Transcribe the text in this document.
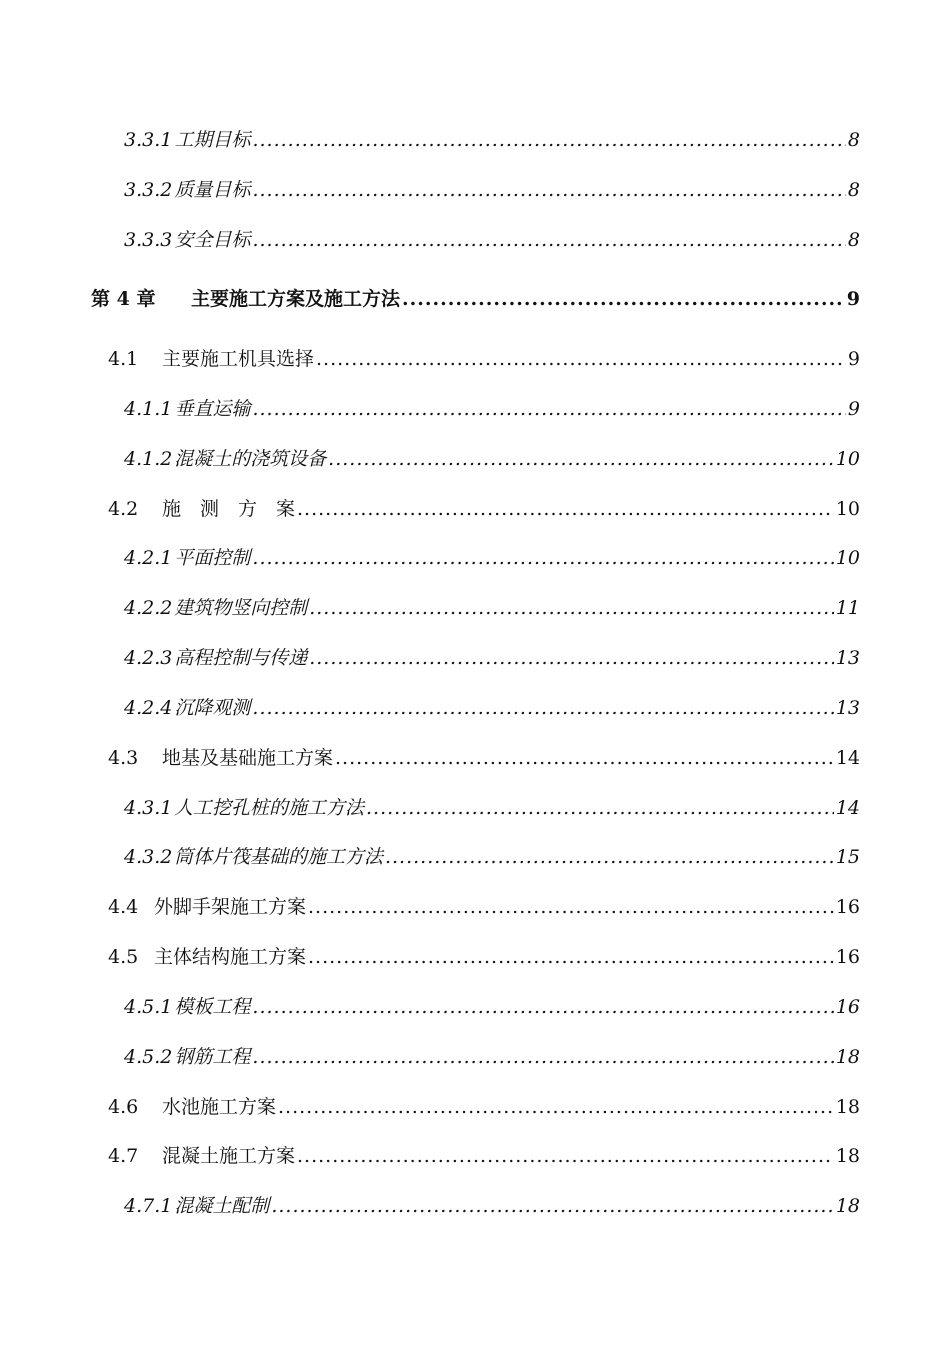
3.3.1 工期目标 .....	8
3.3.2 质量目标 .....	8
3.3.3 安全目标 .....	8
第 4 章	主要施工方案及施工方法 .....	9
4.1	主要施工机具选择 .....	9
4.1.1 垂直运输 .....	9
4.1.2 混凝土的浇筑设备 .....	10
4.2	施　测　方　案 .....	10
4.2.1 平面控制 .....	10
4.2.2 建筑物竖向控制 .....	11
4.2.3 高程控制与传递 .....	13
4.2.4 沉降观测 .....	13
4.3	地基及基础施工方案 .....	14
4.3.1 人工挖孔桩的施工方法 .....	14
4.3.2 筒体片筏基础的施工方法 .....	15
4.4 外脚手架施工方案 .....	16
4.5 主体结构施工方案 .....	16
4.5.1 模板工程 .....	16
4.5.2 钢筋工程 .....	18
4.6	水池施工方案 .....	18
4.7	混凝土施工方案 .....	18
4.7.1 混凝土配制 .....	18
